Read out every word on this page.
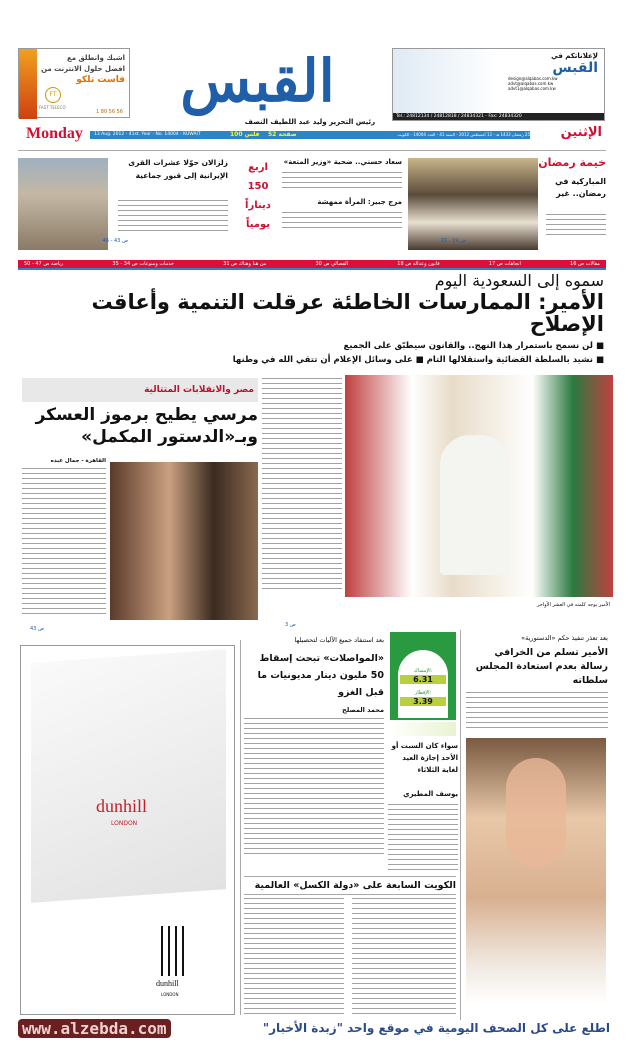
اشبك وانطلق مع
افضل حلول الانترنت من
فاست تلكو
FT
FAST TELECO
1 80 56 56 القبس
رئيس التحرير وليد عبد اللطيف النصف
لإعلاناتكم في
القبس
design@alqabas.com.kw
advt@alqabas.com.kw
advt1@alqabas.com.kw
Tel.: 24812134 / 24812818 / 24834321 - Fax: 24834320
Monday 13 Aug. 2012 - 41st. Year - No. 14004 - KUWAIT	100 فلس 52 صفحة	25 رمضان 1433 هـ - 13 أغسطس 2012 - السنة 41 - العدد 14004 - الكويت الإثنين
خيمة رمضان
المباركية في رمضان.. غير
ص 19 - 29
سعاد حسني.. ضحية «وزير المتعة»
مرج جبير: المرأة ممهشة
اربع
150
ديناراً
يومياً
زلزالان حوّلا عشرات القرى الإيرانية إلى قبور جماعية
ص 43 - 46
مقالات ص 16
اتجاهات ص 17
قانون وعدالة ص 18
القصالي ص 30
من هنا وهناك ص 31
خدمات ومنوعات ص 34 - 35
رياضة ص 47 - 50
سموه إلى السعودية اليوم
الأمير: الممارسات الخاطئة عرقلت التنمية وأعاقت الإصلاح
■ لن نسمح باستمرار هذا النهج.. والقانون سيطبّق على الجميع
■ نشيد بالسلطة القضائية واستقلالها التام ■ على وسائل الإعلام أن تتقي الله في وطنها
الأمير يوجه كلمته في العشر الأواخر
ص 3
مصر والانقلابات المتتالية
مرسي يطيح برموز العسكر وبـ«الدستور المكمل»
القاهرة - جمال عبده
ص 43
dunhill
LONDON
dunhill
LONDON
بعد استنفاد جميع الآليات لتحصيلها
«المواصلات» تبحث إسقاط 50 مليون دينار مديونيات ما قبل الغزو
محمد المصلح
الإمساك:
6.31
الإفطار:
3.39
سواء كان السبت أو الأحد إجازة العيد لغاية الثلاثاء
يوسف المطيري
بعد تعذر تنفيذ حكم «الدستورية»
الأمير تسلم من الخرافي رسالة بعدم استعادة المجلس سلطاته
الكويت السابعة على «دولة الكسل» العالمية
www.alzebda.com	اطلع على كل الصحف اليومية في موقع واحد "زبدة الأخبار"
